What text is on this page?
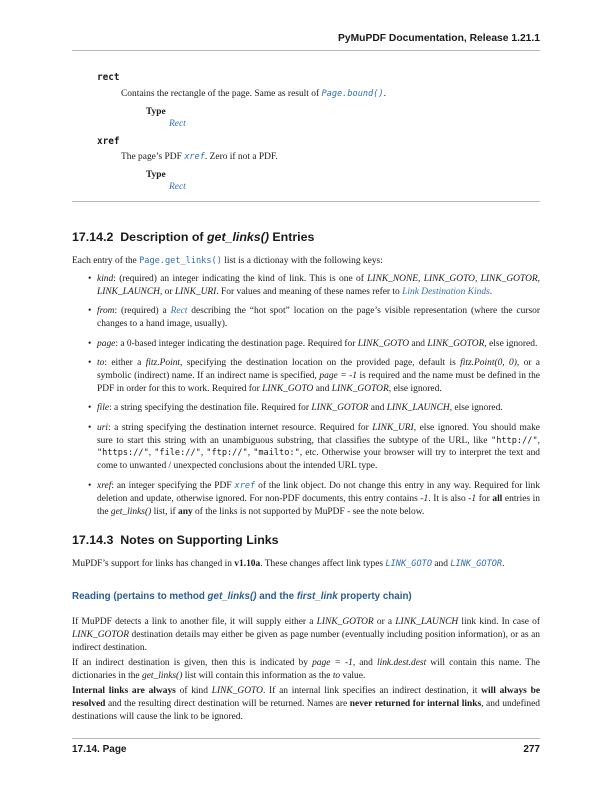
PyMuPDF Documentation, Release 1.21.1
rect
Contains the rectangle of the page. Same as result of Page.bound().
Type
Rect
xref
The page’s PDF xref. Zero if not a PDF.
Type
Rect
17.14.2 Description of get_links() Entries
Each entry of the Page.get_links() list is a dictionay with the following keys:
• kind: (required) an integer indicating the kind of link. This is one of LINK_NONE, LINK_GOTO, LINK_GOTOR, LINK_LAUNCH, or LINK_URI. For values and meaning of these names refer to Link Destination Kinds.
• from: (required) a Rect describing the “hot spot” location on the page’s visible representation (where the cursor changes to a hand image, usually).
• page: a 0-based integer indicating the destination page. Required for LINK_GOTO and LINK_GOTOR, else ignored.
• to: either a fitz.Point, specifying the destination location on the provided page, default is fitz.Point(0, 0), or a symbolic (indirect) name. If an indirect name is specified, page = -1 is required and the name must be defined in the PDF in order for this to work. Required for LINK_GOTO and LINK_GOTOR, else ignored.
• file: a string specifying the destination file. Required for LINK_GOTOR and LINK_LAUNCH, else ignored.
• uri: a string specifying the destination internet resource. Required for LINK_URI, else ignored. You should make sure to start this string with an unambiguous substring, that classifies the subtype of the URL, like "http://", "https://", "file://", "ftp://", "mailto:", etc. Otherwise your browser will try to interpret the text and come to unwanted / unexpected conclusions about the intended URL type.
• xref: an integer specifying the PDF xref of the link object. Do not change this entry in any way. Required for link deletion and update, otherwise ignored. For non-PDF documents, this entry contains -1. It is also -1 for all entries in the get_links() list, if any of the links is not supported by MuPDF - see the note below.
17.14.3 Notes on Supporting Links
MuPDF’s support for links has changed in v1.10a. These changes affect link types LINK_GOTO and LINK_GOTOR.
Reading (pertains to method get_links() and the first_link property chain)
If MuPDF detects a link to another file, it will supply either a LINK_GOTOR or a LINK_LAUNCH link kind. In case of LINK_GOTOR destination details may either be given as page number (eventually including position information), or as an indirect destination.
If an indirect destination is given, then this is indicated by page = -1, and link.dest.dest will contain this name. The dictionaries in the get_links() list will contain this information as the to value.
Internal links are always of kind LINK_GOTO. If an internal link specifies an indirect destination, it will always be resolved and the resulting direct destination will be returned. Names are never returned for internal links, and undefined destinations will cause the link to be ignored.
17.14. Page	277
